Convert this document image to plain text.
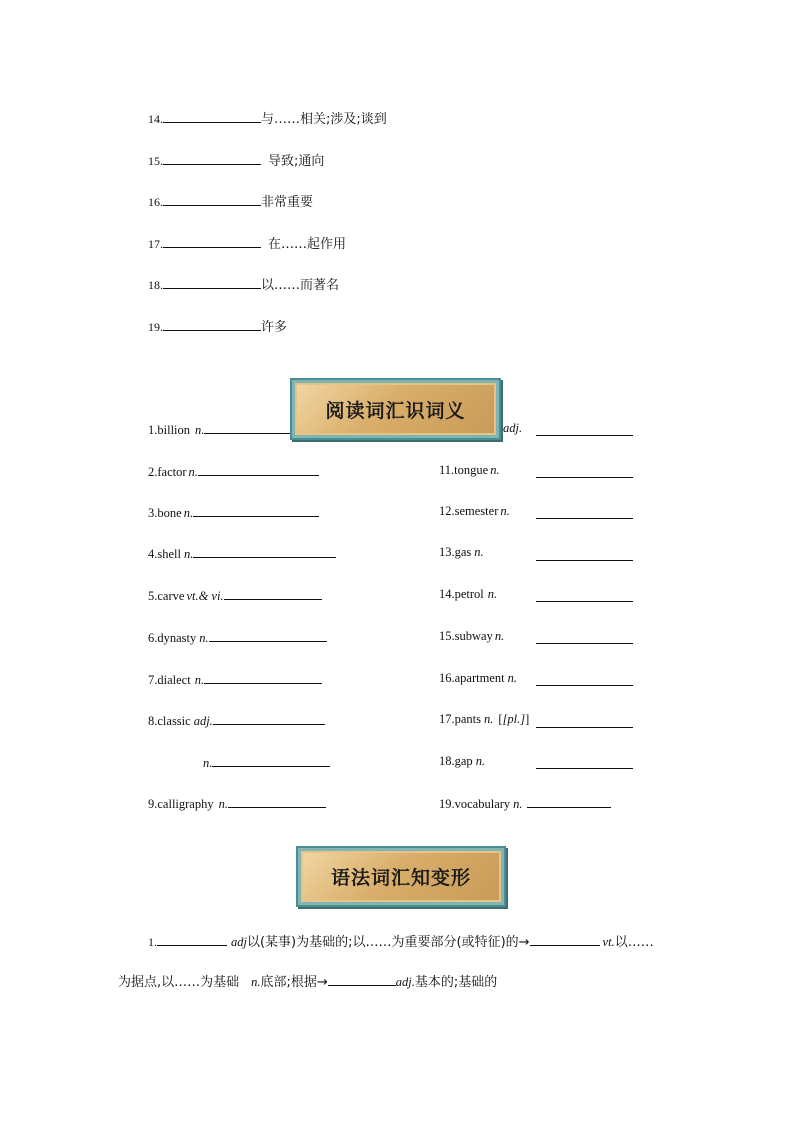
14.	与……相关;涉及;谈到
15.	导致;通向
16.	非常重要
17.	在……起作用
18.	以……而著名
19.	许多
1.billion n.
2.factor n.
3.bone n.
4.shell n.
5.carve vt.& vi.
6.dynasty n.
7.dialect n.
8.classic adj.
n.
9.calligraphy n.
adj.
11.tongue n.
12.semester n.
13.gas n.
14.petrol n.
15.subway n.
16.apartment n.
17.pants n. [[pl.]]
18.gap n.
19.vocabulary n.
阅读词汇识词义
语法词汇知变形
1.	adj 以(某事)为基础的;以……为重要部分(或特征)的→	vt. 以……
为据点,以……为基础 n. 底部;根据→	adj. 基本的;基础的
